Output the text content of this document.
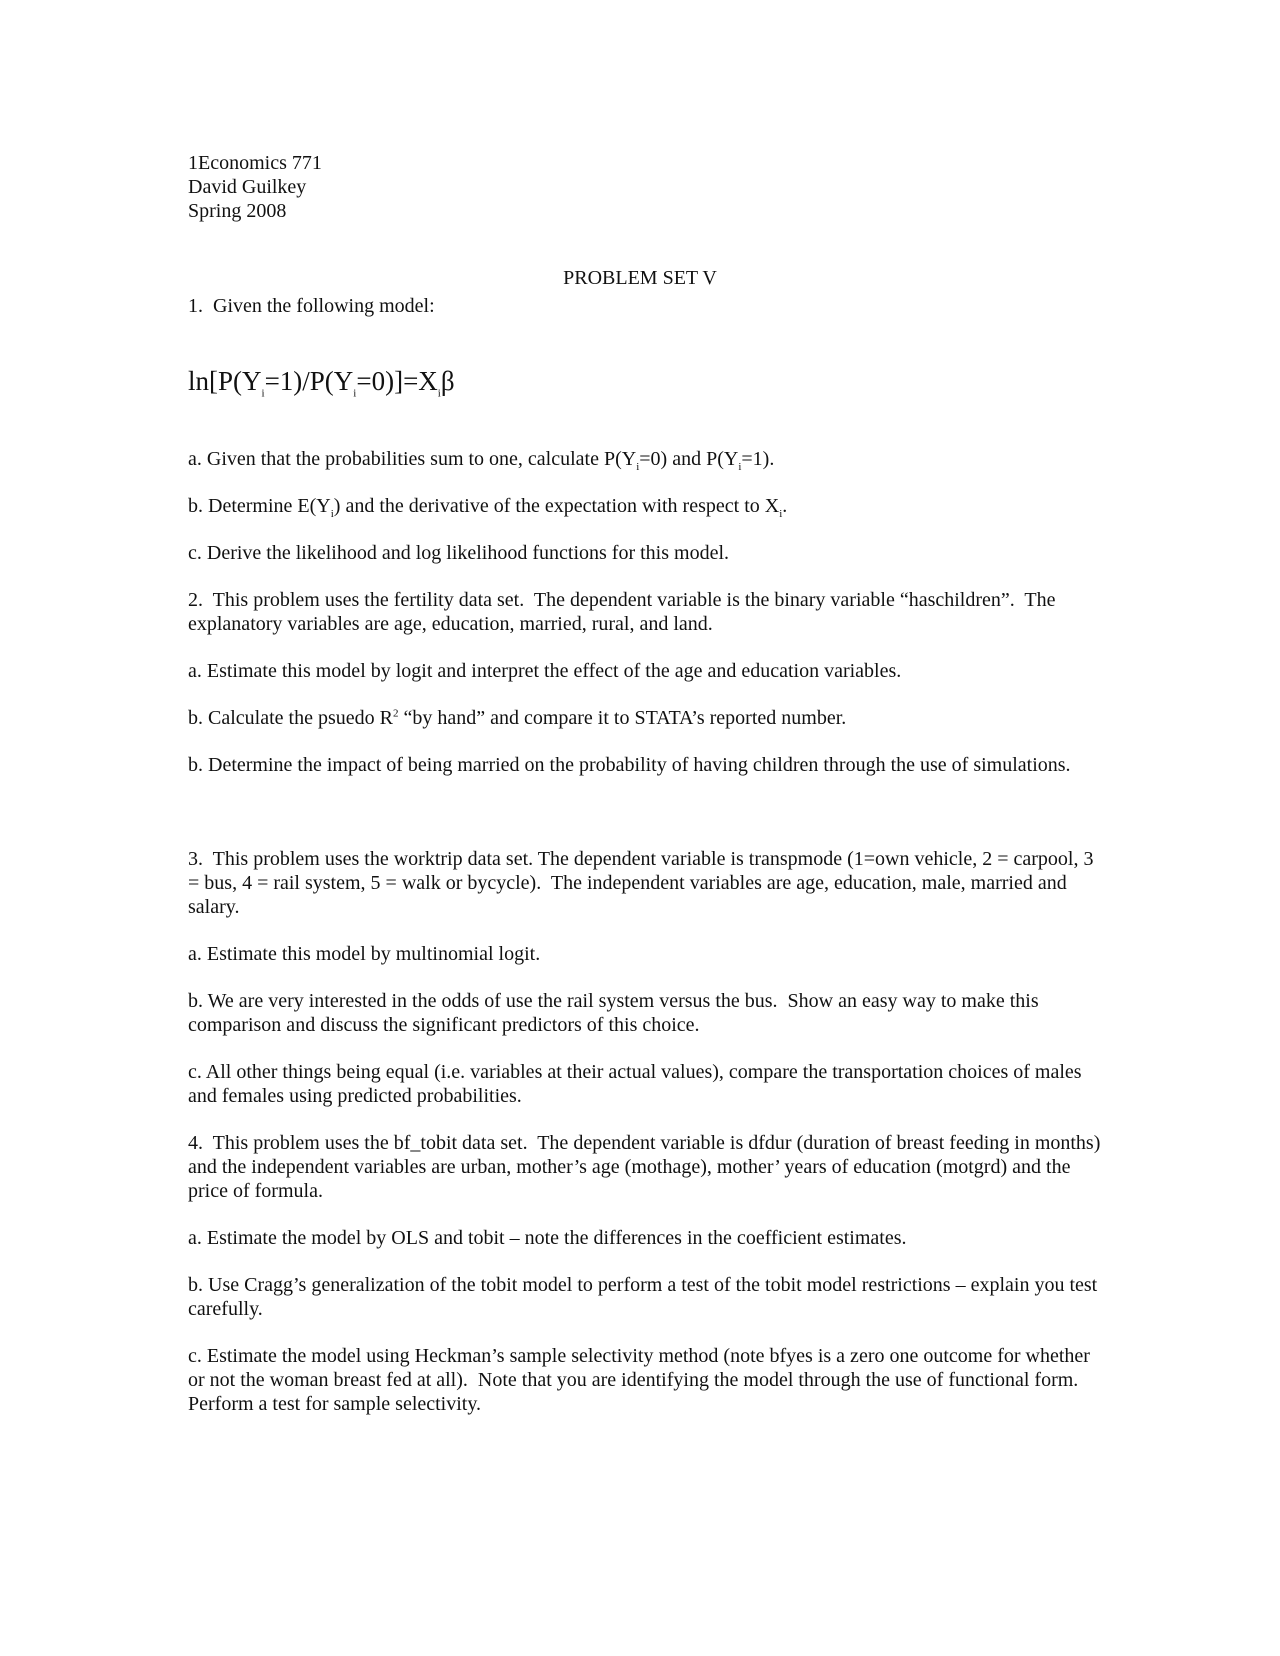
1Economics 771

David Guilkey

Spring 2008

PROBLEM SET V

1.  Given the following model:

$\ln[P(Y_i=1)/P(Y_i=0)]=X_i\beta$

a. Given that the probabilities sum to one, calculate $P(Y_i=0)$ and $P(Y_i=1)$.

b. Determine $E(Y_i)$ and the derivative of the expectation with respect to $X_i$.

c. Derive the likelihood and log likelihood functions for this model.

2.  This problem uses the fertility data set.  The dependent variable is the binary variable “haschildren”.  The explanatory variables are age, education, married, rural, and land.

a. Estimate this model by logit and interpret the effect of the age and education variables.

b. Calculate the psuedo $R^2$ “by hand” and compare it to STATA’s reported number.

b. Determine the impact of being married on the probability of having children through the use of simulations.

3.  This problem uses the worktrip data set. The dependent variable is transpmode (1=own vehicle, 2 = carpool, 3 = bus, 4 = rail system, 5 = walk or bycycle).  The independent variables are age, education, male, married and salary.

a. Estimate this model by multinomial logit.

b. We are very interested in the odds of use the rail system versus the bus.  Show an easy way to make this comparison and discuss the significant predictors of this choice.

c. All other things being equal (i.e. variables at their actual values), compare the transportation choices of males and females using predicted probabilities.

4.  This problem uses the bf_tobit data set.  The dependent variable is dfdur (duration of breast feeding in months) and the independent variables are urban, mother’s age (mothage), mother’ years of education (motgrd) and the price of formula.

a. Estimate the model by OLS and tobit – note the differences in the coefficient estimates.

b. Use Cragg’s generalization of the tobit model to perform a test of the tobit model restrictions – explain you test carefully.

c. Estimate the model using Heckman’s sample selectivity method (note bfyes is a zero one outcome for whether or not the woman breast fed at all).  Note that you are identifying the model through the use of functional form.  Perform a test for sample selectivity.
